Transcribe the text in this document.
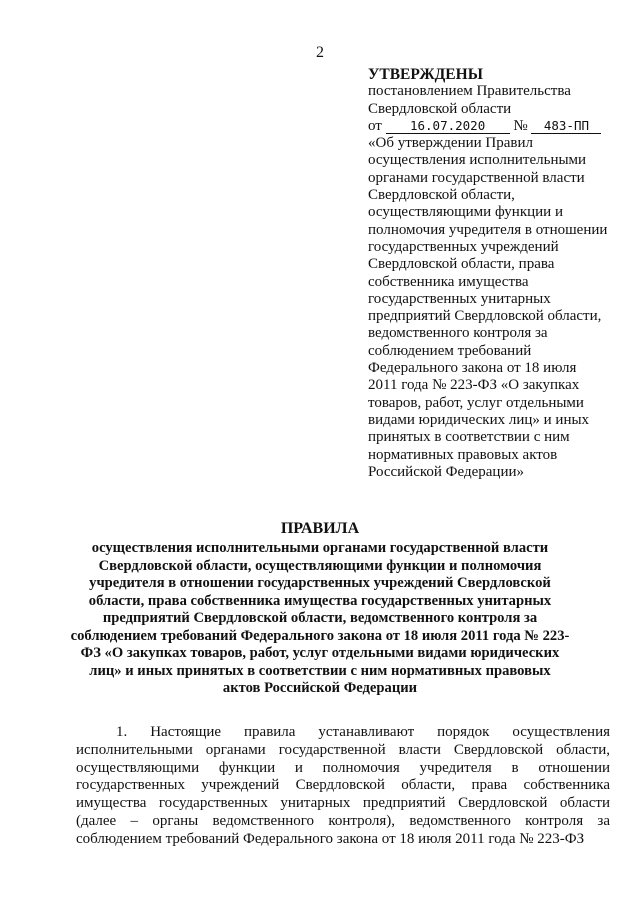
2
УТВЕРЖДЕНЫ
постановлением Правительства
Свердловской области
от 16.07.2020 № 483-ПП
«Об утверждении Правил
осуществления исполнительными
органами государственной власти
Свердловской области,
осуществляющими функции и
полномочия учредителя в отношении
государственных учреждений
Свердловской области, права
собственника имущества
государственных унитарных
предприятий Свердловской области,
ведомственного контроля за
соблюдением требований
Федерального закона от 18 июля
2011 года № 223-ФЗ «О закупках
товаров, работ, услуг отдельными
видами юридических лиц» и иных
принятых в соответствии с ним
нормативных правовых актов
Российской Федерации»
ПРАВИЛА
осуществления исполнительными органами государственной власти Свердловской области, осуществляющими функции и полномочия учредителя в отношении государственных учреждений Свердловской области, права собственника имущества государственных унитарных предприятий Свердловской области, ведомственного контроля за соблюдением требований Федерального закона от 18 июля 2011 года № 223-ФЗ «О закупках товаров, работ, услуг отдельными видами юридических лиц» и иных принятых в соответствии с ним нормативных правовых актов Российской Федерации
1. Настоящие правила устанавливают порядок осуществления исполнительными органами государственной власти Свердловской области, осуществляющими функции и полномочия учредителя в отношении государственных учреждений Свердловской области, права собственника имущества государственных унитарных предприятий Свердловской области (далее – органы ведомственного контроля), ведомственного контроля за соблюдением требований Федерального закона от 18 июля 2011 года № 223-ФЗ
